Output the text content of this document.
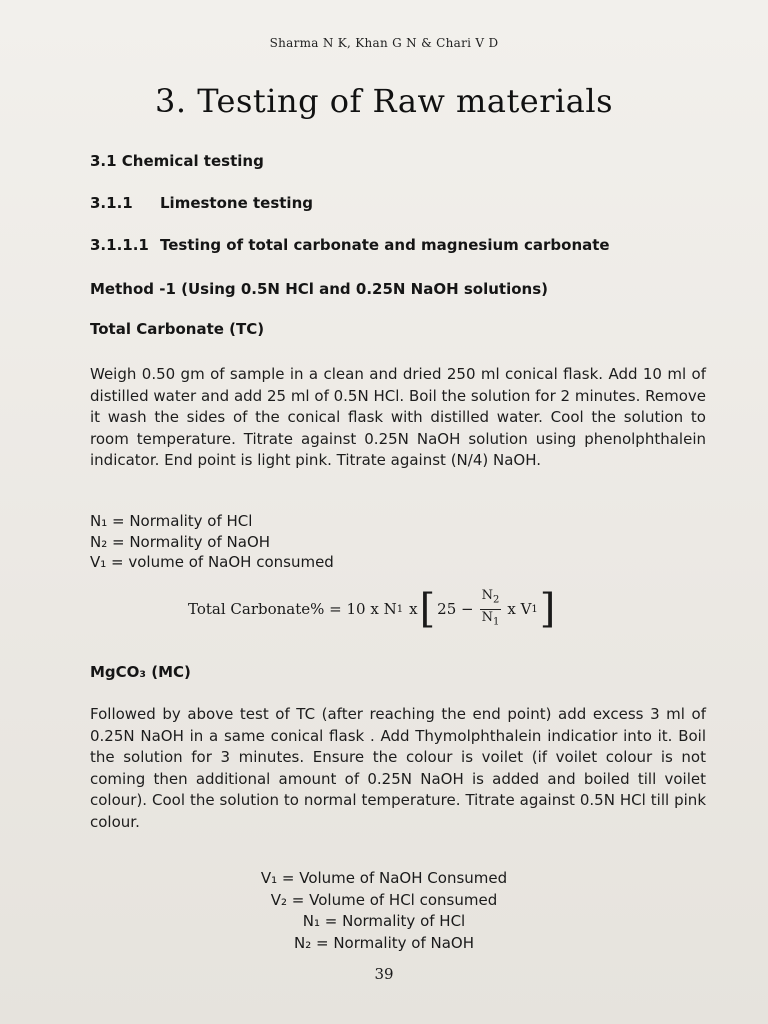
Sharma N K, Khan G N & Chari V D
3. Testing of Raw materials
3.1 Chemical testing
3.1.1 Limestone testing
3.1.1.1 Testing of total carbonate and magnesium carbonate
Method -1 (Using 0.5N HCl and 0.25N NaOH solutions)
Total Carbonate (TC)
Weigh 0.50 gm of sample in a clean and dried 250 ml conical flask. Add 10 ml of distilled water and add 25 ml of 0.5N HCl. Boil the solution for 2 minutes. Remove it wash the sides of the conical flask with distilled water. Cool the solution to room temperature. Titrate against 0.25N NaOH solution using phenolphthalein indicator. End point is light pink. Titrate against (N/4) NaOH.
N₁ = Normality of HCl
N₂ = Normality of NaOH
V₁ = volume of NaOH consumed
Total Carbonate% = 10 x N 1 x [ $25 - \frac{N_2}{N_1}$ x V 1 ]
MgCO₃ (MC)
Followed by above test of TC (after reaching the end point) add excess 3 ml of 0.25N NaOH in a same conical flask . Add Thymolphthalein indicatior into it. Boil the solution for 3 minutes. Ensure the colour is voilet (if voilet colour is not coming then additional amount of 0.25N NaOH is added and boiled till voilet colour). Cool the solution to normal temperature. Titrate against 0.5N HCl till pink colour.
V₁ = Volume of NaOH Consumed
V₂ = Volume of HCl consumed
N₁ = Normality of HCl
N₂ = Normality of NaOH
39
